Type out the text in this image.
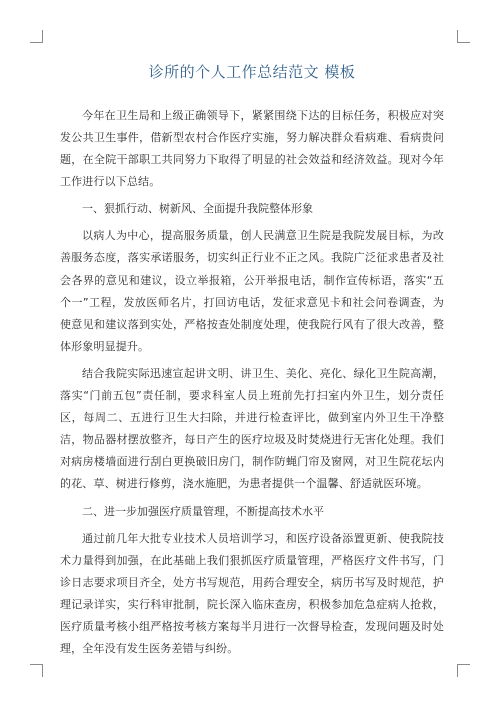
诊所的个人工作总结范文 模板

今年在卫生局和上级正确领导下，紧紧围绕下达的目标任务，积极应对突发公共卫生事件，借新型农村合作医疗实施，努力解决群众看病难、看病贵问题，在全院干部职工共同努力下取得了明显的社会效益和经济效益。现对今年工作进行以下总结。

一、狠抓行动、树新风、全面提升我院整体形象

以病人为中心，提高服务质量，创人民满意卫生院是我院发展目标，为改善服务态度，落实承诺服务，切实纠正行业不正之风。我院广泛征求患者及社会各界的意见和建议，设立举报箱，公开举报电话，制作宣传标语，落实“五个一”工程，发放医师名片，打回访电话，发征求意见卡和社会问卷调查，为使意见和建议落到实处，严格按查处制度处理，使我院行风有了很大改善，整体形象明显提升。

结合我院实际迅速宣起讲文明、讲卫生、美化、亮化、绿化卫生院高潮，落实“门前五包”责任制，要求科室人员上班前先打扫室内外卫生，划分责任区，每周二、五进行卫生大扫除，并进行检查评比，做到室内外卫生干净整洁，物品器材摆放整齐，每日产生的医疗垃圾及时焚烧进行无害化处理。我们对病房楼墙面进行刮白更换破旧房门，制作防蝇门帘及窗网，对卫生院花坛内的花、草、树进行修剪，浇水施肥，为患者提供一个温馨、舒适就医环境。

二、进一步加强医疗质量管理，不断提高技术水平

通过前几年大批专业技术人员培训学习，和医疗设备添置更新、使我院技术力量得到加强，在此基础上我们狠抓医疗质量管理，严格医疗文件书写，门诊日志要求项目齐全，处方书写规范，用药合理安全，病历书写及时规范，护理记录详实，实行科审批制，院长深入临床查房，积极参加危急症病人抢救，医疗质量考核小组严格按考核方案每半月进行一次督导检查，发现问题及时处理，全年没有发生医务差错与纠纷。
